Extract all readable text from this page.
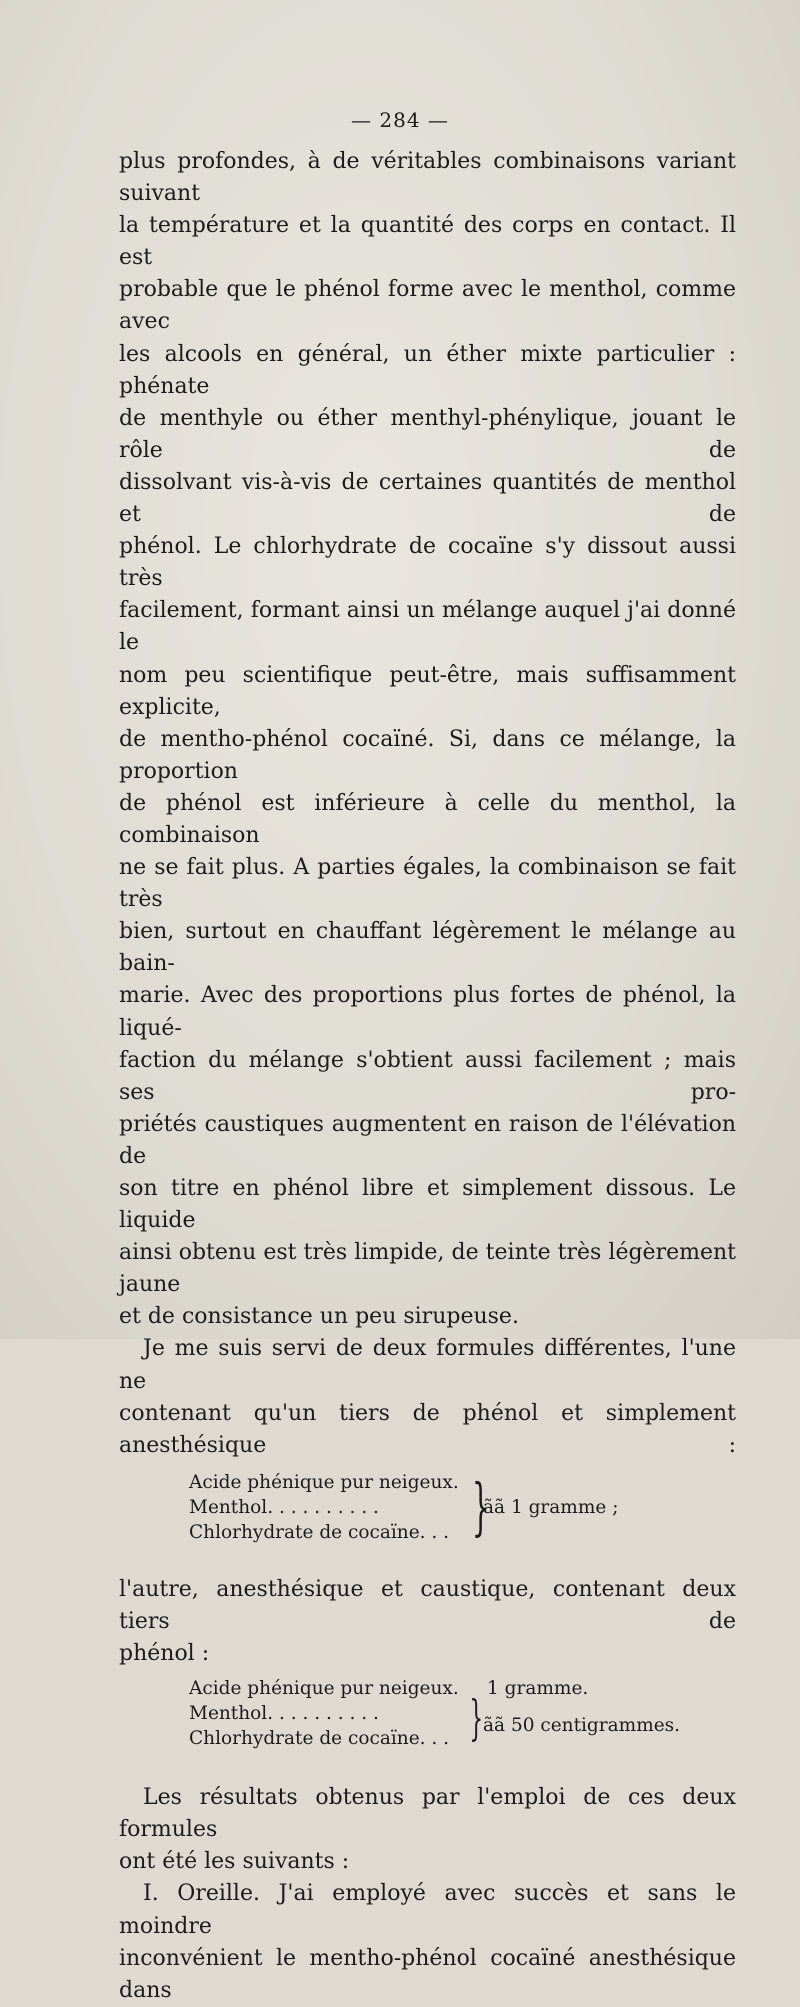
— 284 —
plus profondes, à de véritables combinaisons variant suivant
la température et la quantité des corps en contact. Il est
probable que le phénol forme avec le menthol, comme avec
les alcools en général, un éther mixte particulier : phénate
de menthyle ou éther menthyl-phénylique, jouant le rôle de
dissolvant vis-à-vis de certaines quantités de menthol et de
phénol. Le chlorhydrate de cocaïne s'y dissout aussi très
facilement, formant ainsi un mélange auquel j'ai donné le
nom peu scientifique peut-être, mais suffisamment explicite,
de mentho-phénol cocaïné. Si, dans ce mélange, la proportion
de phénol est inférieure à celle du menthol, la combinaison
ne se fait plus. A parties égales, la combinaison se fait très
bien, surtout en chauffant légèrement le mélange au bain-
marie. Avec des proportions plus fortes de phénol, la liqué-
faction du mélange s'obtient aussi facilement ; mais ses pro-
priétés caustiques augmentent en raison de l'élévation de
son titre en phénol libre et simplement dissous. Le liquide
ainsi obtenu est très limpide, de teinte très légèrement jaune
et de consistance un peu sirupeuse.
Je me suis servi de deux formules différentes, l'une ne
contenant qu'un tiers de phénol et simplement anesthésique :
Acide phénique pur neigeux.
Menthol. . . . . . . . . .
Chlorhydrate de cocaïne. . . }
ãã 1 gramme ;
l'autre, anesthésique et caustique, contenant deux tiers de
phénol :
Acide phénique pur neigeux. 1 gramme.
Menthol. . . . . . . . . .
Chlorhydrate de cocaïne. . . } ãã 50 centigrammes.
Les résultats obtenus par l'emploi de ces deux formules
ont été les suivants :
I. Oreille. J'ai employé avec succès et sans le moindre
inconvénient le mentho-phénol cocaïné anesthésique dans
